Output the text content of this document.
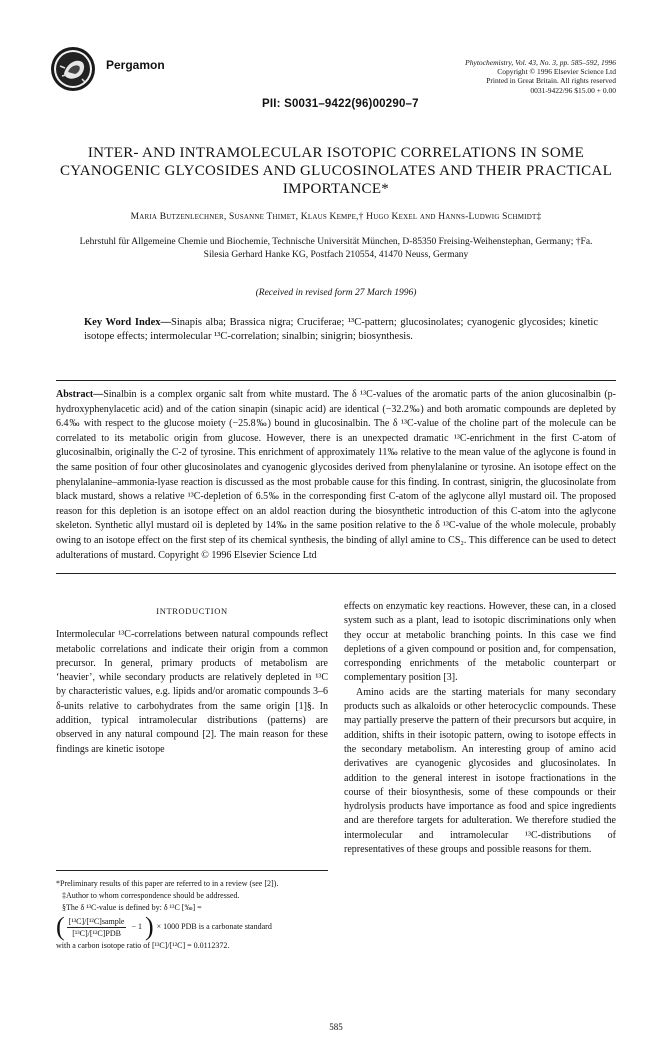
Pergamon	Phytochemistry, Vol. 43, No. 3, pp. 585–592, 1996
Copyright © 1996 Elsevier Science Ltd
Printed in Great Britain. All rights reserved
0031-9422/96 $15.00 + 0.00
PII: S0031–9422(96)00290–7
INTER- AND INTRAMOLECULAR ISOTOPIC CORRELATIONS IN SOME CYANOGENIC GLYCOSIDES AND GLUCOSINOLATES AND THEIR PRACTICAL IMPORTANCE*
Maria Butzenlechner, Susanne Thimet, Klaus Kempe,† Hugo Kexel and Hanns-Ludwig Schmidt‡
Lehrstuhl für Allgemeine Chemie und Biochemie, Technische Universität München, D-85350 Freising-Weihenstephan, Germany; †Fa. Silesia Gerhard Hanke KG, Postfach 210554, 41470 Neuss, Germany
(Received in revised form 27 March 1996)
Key Word Index—Sinapis alba; Brassica nigra; Cruciferae; ¹³C-pattern; glucosinolates; cyanogenic glycosides; kinetic isotope effects; intermolecular ¹³C-correlation; sinalbin; sinigrin; biosynthesis.
Abstract—Sinalbin is a complex organic salt from white mustard. The δ ¹³C-values of the aromatic parts of the anion glucosinalbin (p-hydroxyphenylacetic acid) and of the cation sinapin (sinapic acid) are identical (−32.2‰) and both aromatic compounds are depleted by 6.4‰ with respect to the glucose moiety (−25.8‰) bound in glucosinalbin. The δ ¹³C-value of the choline part of the molecule can be correlated to its metabolic origin from glucose. However, there is an unexpected dramatic ¹³C-enrichment in the first C-atom of glucosinalbin, originally the C-2 of tyrosine. This enrichment of approximately 11‰ relative to the mean value of the aglycone is found in the same position of four other glucosinolates and cyanogenic glycosides derived from phenylalanine or tyrosine. An isotope effect on the phenylalanine–ammonia-lyase reaction is discussed as the most probable cause for this finding. In contrast, sinigrin, the glucosinolate from black mustard, shows a relative ¹³C-depletion of 6.5‰ in the corresponding first C-atom of the aglycone allyl mustard oil. The proposed reason for this depletion is an isotope effect on an aldol reaction during the biosynthetic introduction of this C-atom into the aglycone skeleton. Synthetic allyl mustard oil is depleted by 14‰ in the same position relative to the δ ¹³C-value of the whole molecule, probably owing to an isotope effect on the first step of its chemical synthesis, the binding of allyl amine to CS₂. This difference can be used to detect adulterations of mustard. Copyright © 1996 Elsevier Science Ltd
INTRODUCTION

Intermolecular ¹³C-correlations between natural compounds reflect metabolic correlations and indicate their origin from a common precursor. In general, primary products of metabolism are ‘heavier’, while secondary products are relatively depleted in ¹³C by characteristic values, e.g. lipids and/or aromatic compounds 3–6 δ-units relative to carbohydrates from the same origin [1]§. In addition, typical intramolecular distributions (patterns) are observed in any natural compound [2]. The main reason for these findings are kinetic isotope

effects on enzymatic key reactions. However, these can, in a closed system such as a plant, lead to isotopic discriminations only when they occur at metabolic branching points. In this case we find depletions of a given compound or position and, for compensation, corresponding enrichments of the metabolic counterpart or complementary position [3].

Amino acids are the starting materials for many secondary products such as alkaloids or other heterocyclic compounds. These may partially preserve the pattern of their precursors but acquire, in addition, shifts in their isotopic pattern, owing to isotope effects in the secondary metabolism. An interesting group of amino acid derivatives are cyanogenic glycosides and glucosinolates. In addition to the general interest in isotope fractionations in the course of their biosynthesis, some of these compounds or their hydrolysis products have importance as food and spice ingredients and are therefore targets for adulteration. We therefore studied the intermolecular and intramolecular ¹³C-distributions of representatives of these groups and possible reasons for them.

*Preliminary results of this paper are referred to in a review (see [2]).
‡Author to whom correspondence should be addressed.
§The δ ¹³C-value is defined by: δ ¹³C [‰] =
( $\frac{\text{[¹³C]/[¹²C]sample}}{\text{[¹³C]/[¹²C]PDB}} - 1$ ) × 1000 PDB is a carbonate standard
with a carbon isotope ratio of [¹³C]/[¹²C] = 0.0112372.
585
